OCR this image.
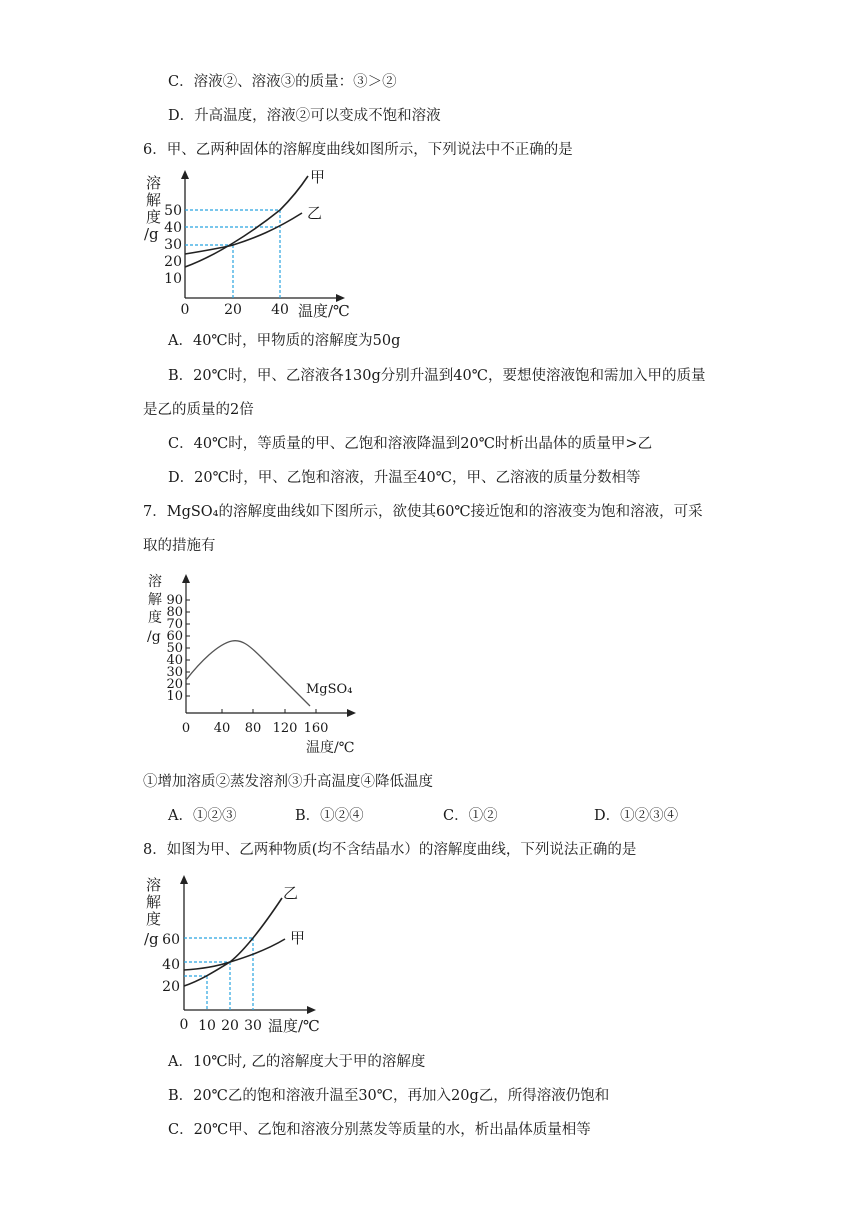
C．溶液②、溶液③的质量：③＞②
D．升高温度，溶液②可以变成不饱和溶液
6．甲、乙两种固体的溶解度曲线如图所示，下列说法中不正确的是
溶
解
度
/g
50
40
30
20
10
0 20 40 温度/℃
甲
乙
A．40℃时，甲物质的溶解度为50g
B．20℃时，甲、乙溶液各130g分别升温到40℃，要想使溶液饱和需加入甲的质量
是乙的质量的2倍
C．40℃时，等质量的甲、乙饱和溶液降温到20℃时析出晶体的质量甲>乙
D．20℃时，甲、乙饱和溶液，升温至40℃，甲、乙溶液的质量分数相等
7．MgSO₄的溶解度曲线如下图所示，欲使其60℃接近饱和的溶液变为饱和溶液，可采
取的措施有
溶
解
度
/g
90
80
70
60
50
40
30
20
10
0 40 80 120 160
温度/℃
MgSO₄
①增加溶质②蒸发溶剂③升高温度④降低温度
A．①②③	B．①②④	C．①②	D．①②③④
8．如图为甲、乙两种物质(均不含结晶水）的溶解度曲线，下列说法正确的是
溶
解
度
/g 60
40
20
0 10 20 30 温度/℃
乙
甲
A．10℃时, 乙的溶解度大于甲的溶解度
B．20℃乙的饱和溶液升温至30℃，再加入20g乙，所得溶液仍饱和
C．20℃甲、乙饱和溶液分别蒸发等质量的水，析出晶体质量相等
